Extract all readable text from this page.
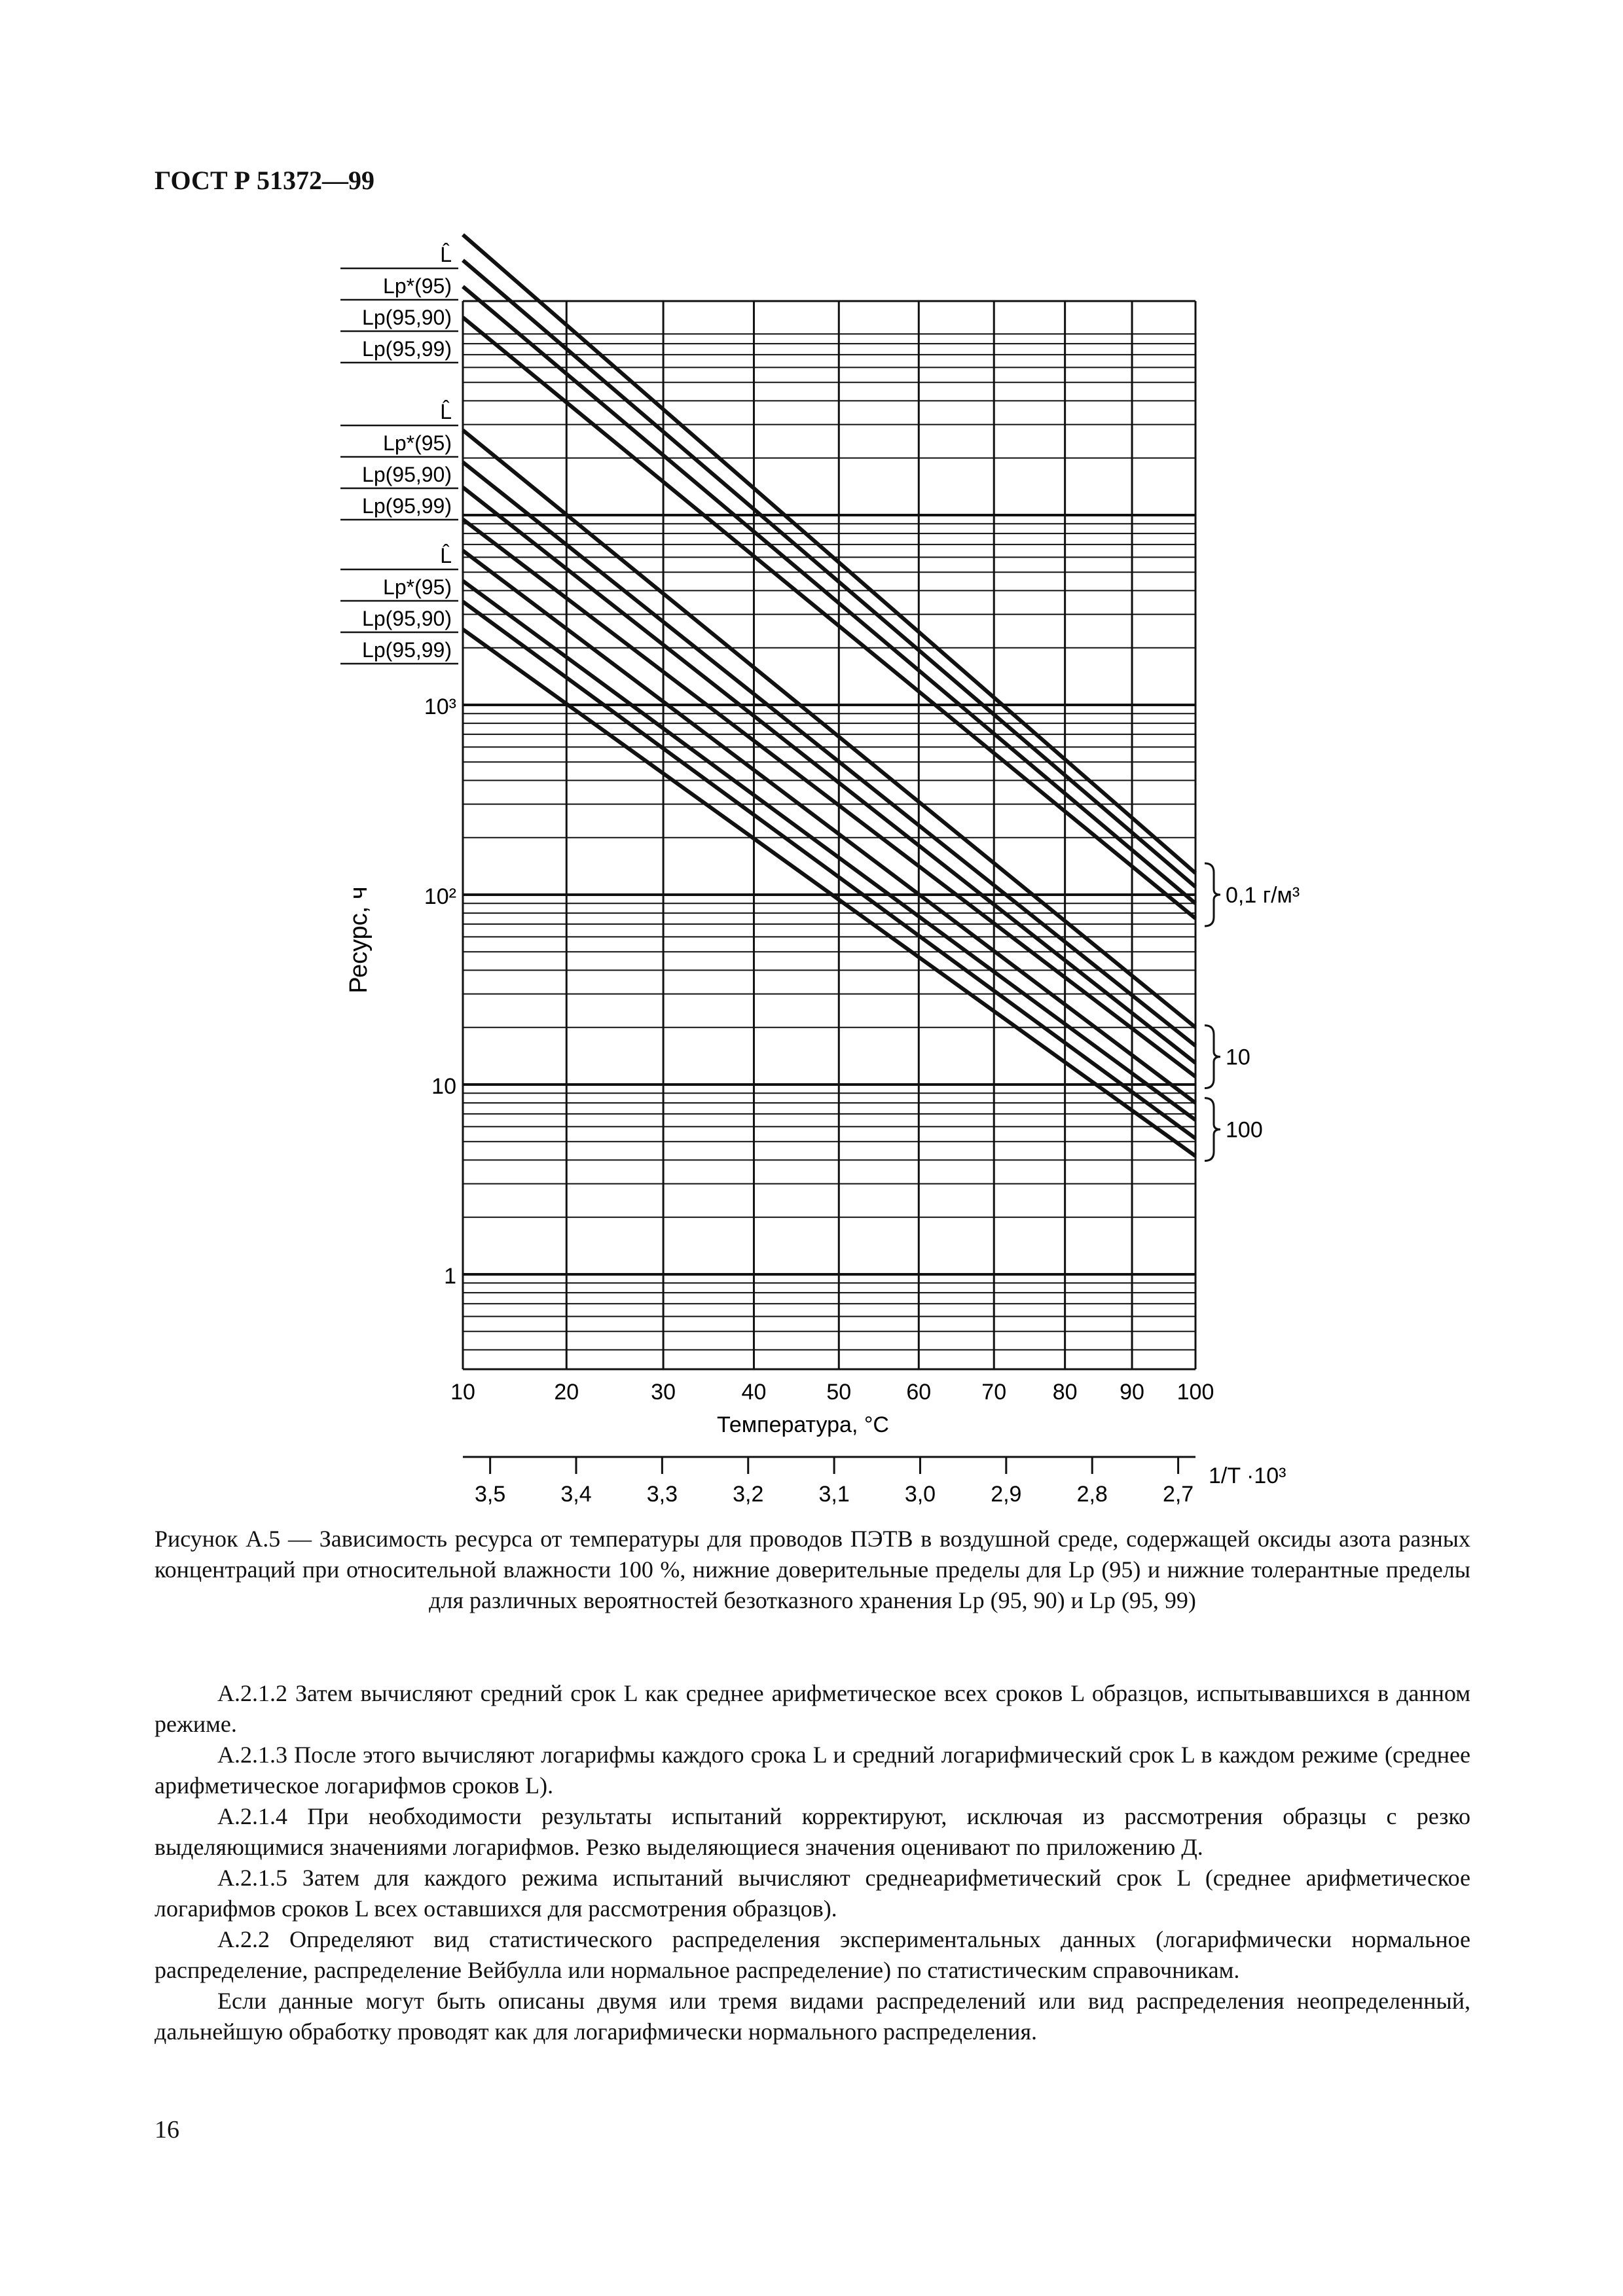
ГОСТ Р 51372—99
1
10
10²
10³
Ресурс, ч
10	20	30	40	50 60 70 80 90 100
Температура, °С
3,5 3,4 3,3 3,2 3,1 3,0 2,9 2,8 2,7
1/T ·10³
L̂
Lр*(95)
Lр(95,90)
Lр(95,99)
L̂
Lр*(95)
Lр(95,90)
Lр(95,99)
L̂
Lр*(95)
Lр(95,90)
Lр(95,99)
0,1 г/м³
10
100

Рисунок А.5 — Зависимость ресурса от температуры для проводов ПЭТВ в воздушной среде, содержащей оксиды азота разных концентраций при относительной влажности 100 %, нижние доверительные пределы для Lр (95) и нижние толерантные пределы для различных вероятностей безотказного хранения Lр (95, 90) и Lр (95, 99)

А.2.1.2 Затем вычисляют средний срок L как среднее арифметическое всех сроков L образцов, испытывавшихся в данном режиме.

А.2.1.3 После этого вычисляют логарифмы каждого срока L и средний логарифмический срок L в каждом режиме (среднее арифметическое логарифмов сроков L).

А.2.1.4 При необходимости результаты испытаний корректируют, исключая из рассмотрения образцы с резко выделяющимися значениями логарифмов. Резко выделяющиеся значения оценивают по приложению Д.

А.2.1.5 Затем для каждого режима испытаний вычисляют среднеарифметический срок L (среднее арифметическое логарифмов сроков L всех оставшихся для рассмотрения образцов).

А.2.2 Определяют вид статистического распределения экспериментальных данных (логарифмически нормальное распределение, распределение Вейбулла или нормальное распределение) по статистическим справочникам.

Если данные могут быть описаны двумя или тремя видами распределений или вид распределения неопределенный, дальнейшую обработку проводят как для логарифмически нормального распределения.

16
